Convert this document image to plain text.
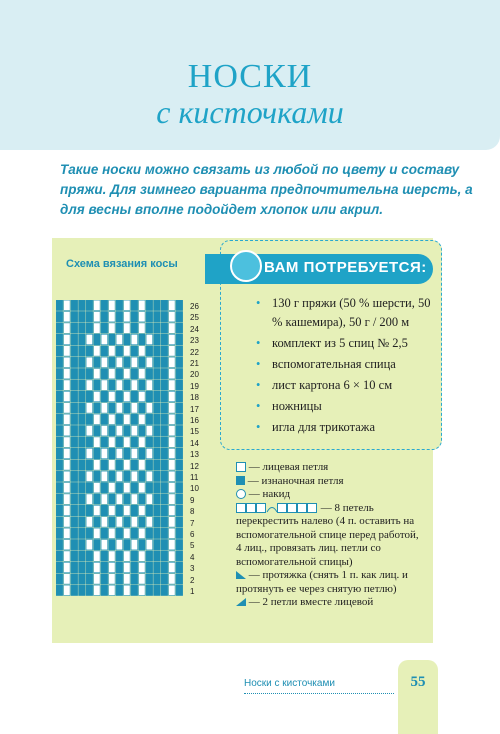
НОСКИ
с кисточками
Такие носки можно связать из любой по цвету и составу пряжи. Для зимнего варианта предпочтительна шерсть, а для весны вполне подойдет хлопок или акрил.
Схема вязания косы
26
25
24
23
22
21
20
19
18
17
16
15
14
13
12
11
10
9
8
7
6
5
4
3
2
1
ВАМ ПОТРЕБУЕТСЯ:
• 130 г пряжи (50 % шерсти, 50 % кашемира), 50 г / 200 м
• комплект из 5 спиц № 2,5
• вспомогательная спица
• лист картона 6 × 10 см
• ножницы
• игла для трикотажа
— лицевая петля
— изнаночная петля
— накид
— 8 петель перекрестить налево (4 п. оставить на вспомогательной спице перед работой, 4 лиц., провязать лиц. петли со вспомогательной спицы)
— протяжка (снять 1 п. как лиц. и протянуть ее через снятую петлю)
— 2 петли вместе лицевой
Носки с кисточками	55
